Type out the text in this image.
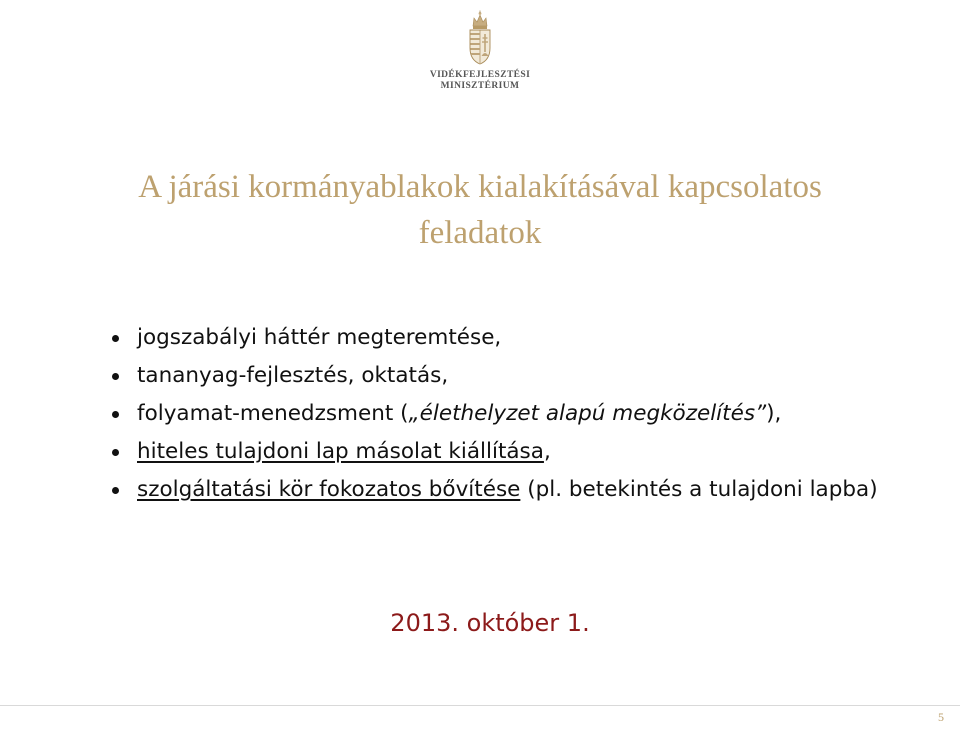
VIDÉKFEJLESZTÉSI
MINISZTÉRIUM
A járási kormányablakok kialakításával kapcsolatos
feladatok
jogszabályi háttér megteremtése,
tananyag-fejlesztés, oktatás,
folyamat-menedzsment („élethelyzet alapú megközelítés”),
hiteles tulajdoni lap másolat kiállítása,
szolgáltatási kör fokozatos bővítése (pl. betekintés a tulajdoni lapba)
2013. október 1.
5
